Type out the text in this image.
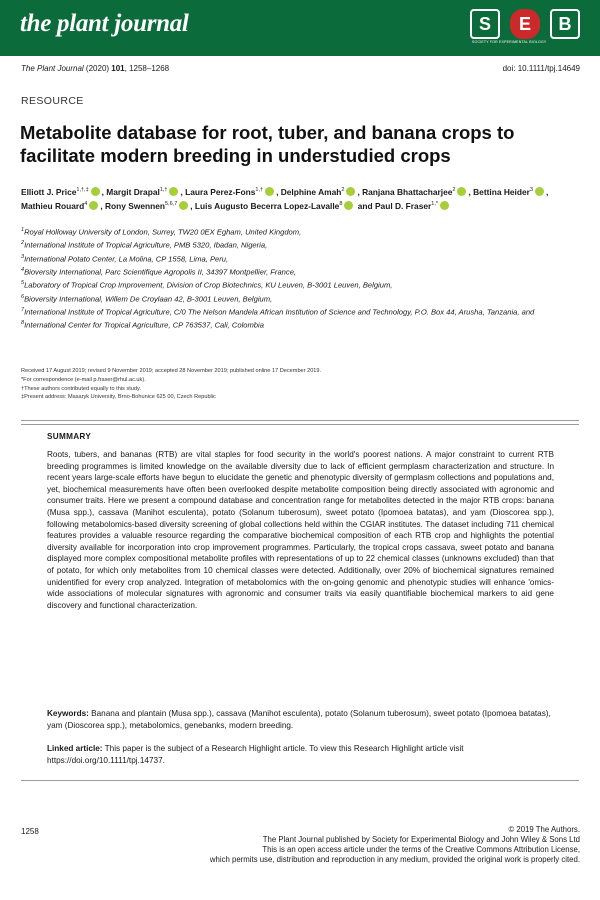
the plant journal	S	E	B
SOCIETY FOR EXPERIMENTAL BIOLOGY
The Plant Journal (2020) 101, 1258–1268	doi: 10.1111/tpj.14649
RESOURCE
Metabolite database for root, tuber, and banana crops to facilitate modern breeding in understudied crops
Elliott J. Price$^{1,\dagger,\ddagger}$ , Margit Drapal$^{1,\dagger}$ , Laura Perez-Fons$^{1,\dagger}$ , Delphine Amah$^2$ , Ranjana Bhattacharjee$^2$ , Bettina Heider$^3$ , Mathieu Rouard$^4$ , Rony Swennen$^{5,6,7}$ , Luis Augusto Becerra Lopez-Lavalle$^8$ and Paul D. Fraser$^{1,*}$
$^1$Royal Holloway University of London, Surrey, TW20 0EX Egham, United Kingdom,
$^2$International Institute of Tropical Agriculture, PMB 5320, Ibadan, Nigeria,
$^3$International Potato Center, La Molina, CP 1558, Lima, Peru,
$^4$Bioversity International, Parc Scientifique Agropolis II, 34397 Montpellier, France,
$^5$Laboratory of Tropical Crop Improvement, Division of Crop Biotechnics, KU Leuven, B-3001 Leuven, Belgium,
$^6$Bioversity International, Willem De Croylaan 42, B-3001 Leuven, Belgium,
$^7$International Institute of Tropical Agriculture, C/0 The Nelson Mandela African Institution of Science and Technology, P.O. Box 44, Arusha, Tanzania, and
$^8$International Center for Tropical Agriculture, CP 763537, Cali, Colombia
Received 17 August 2019; revised 9 November 2019; accepted 28 November 2019; published online 17 December 2019.
*For correspondence (e-mail p.fraser@rhul.ac.uk).
†These authors contributed equally to this study.
‡Present address: Masaryk University, Brno-Bohunice 625 00, Czech Republic
SUMMARY
Roots, tubers, and bananas (RTB) are vital staples for food security in the world's poorest nations. A major constraint to current RTB breeding programmes is limited knowledge on the available diversity due to lack of efficient germplasm characterization and structure. In recent years large-scale efforts have begun to elucidate the genetic and phenotypic diversity of germplasm collections and populations and, yet, biochemical measurements have often been overlooked despite metabolite composition being directly associated with agronomic and consumer traits. Here we present a compound database and concentration range for metabolites detected in the major RTB crops: banana (Musa spp.), cassava (Manihot esculenta), potato (Solanum tuberosum), sweet potato (Ipomoea batatas), and yam (Dioscorea spp.), following metabolomics-based diversity screening of global collections held within the CGIAR institutes. The dataset including 711 chemical features provides a valuable resource regarding the comparative biochemical composition of each RTB crop and highlights the potential diversity available for incorporation into crop improvement programmes. Particularly, the tropical crops cassava, sweet potato and banana displayed more complex compositional metabolite profiles with representations of up to 22 chemical classes (unknowns excluded) than that of potato, for which only metabolites from 10 chemical classes were detected. Additionally, over 20% of biochemical signatures remained unidentified for every crop analyzed. Integration of metabolomics with the on-going genomic and phenotypic studies will enhance 'omics-wide associations of molecular signatures with agronomic and consumer traits via easily quantifiable biochemical markers to aid gene discovery and functional characterization.
Keywords: Banana and plantain (Musa spp.), cassava (Manihot esculenta), potato (Solanum tuberosum), sweet potato (Ipomoea batatas), yam (Dioscorea spp.), metabolomics, genebanks, modern breeding.
Linked article: This paper is the subject of a Research Highlight article. To view this Research Highlight article visit https://doi.org/10.1111/tpj.14737.
1258	© 2019 The Authors.
The Plant Journal published by Society for Experimental Biology and John Wiley & Sons Ltd
This is an open access article under the terms of the Creative Commons Attribution License,
which permits use, distribution and reproduction in any medium, provided the original work is properly cited.
